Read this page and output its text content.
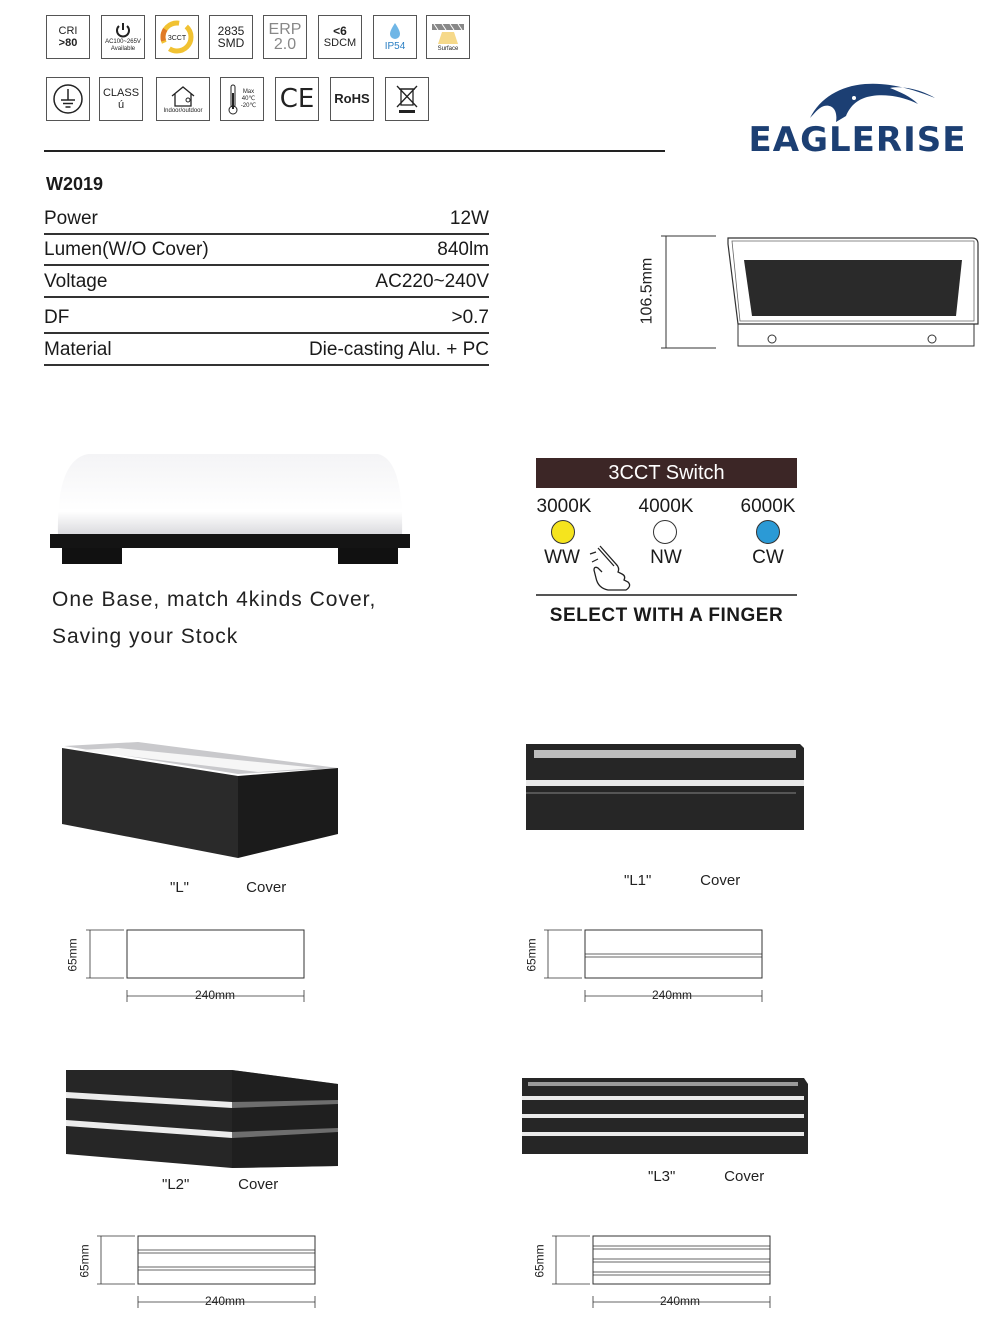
CRI
>80	AC100~265V
Available
3CCT
2835
SMD
ERP
2.0
<6
SDCM	IP54	Surface
CLASS
ú	Indoor/outdoor
Max
40℃
-20℃ CE RoHS
EAGLERISE
W2019
Power	12W
Lumen(W/O Cover)	840lm
Voltage	AC220~240V
DF	>0.7
Material	Die-casting Alu. + PC
106.5mm
One Base, match 4kinds Cover,
Saving your Stock
3CCT Switch
3000K	4000K	6000K
WW	NW	CW
SELECT WITH A FINGER
"L"	Cover
65mm
240mm
"L1"	Cover
65mm
240mm
"L2"	Cover
65mm
240mm
"L3"	Cover
65mm
240mm
